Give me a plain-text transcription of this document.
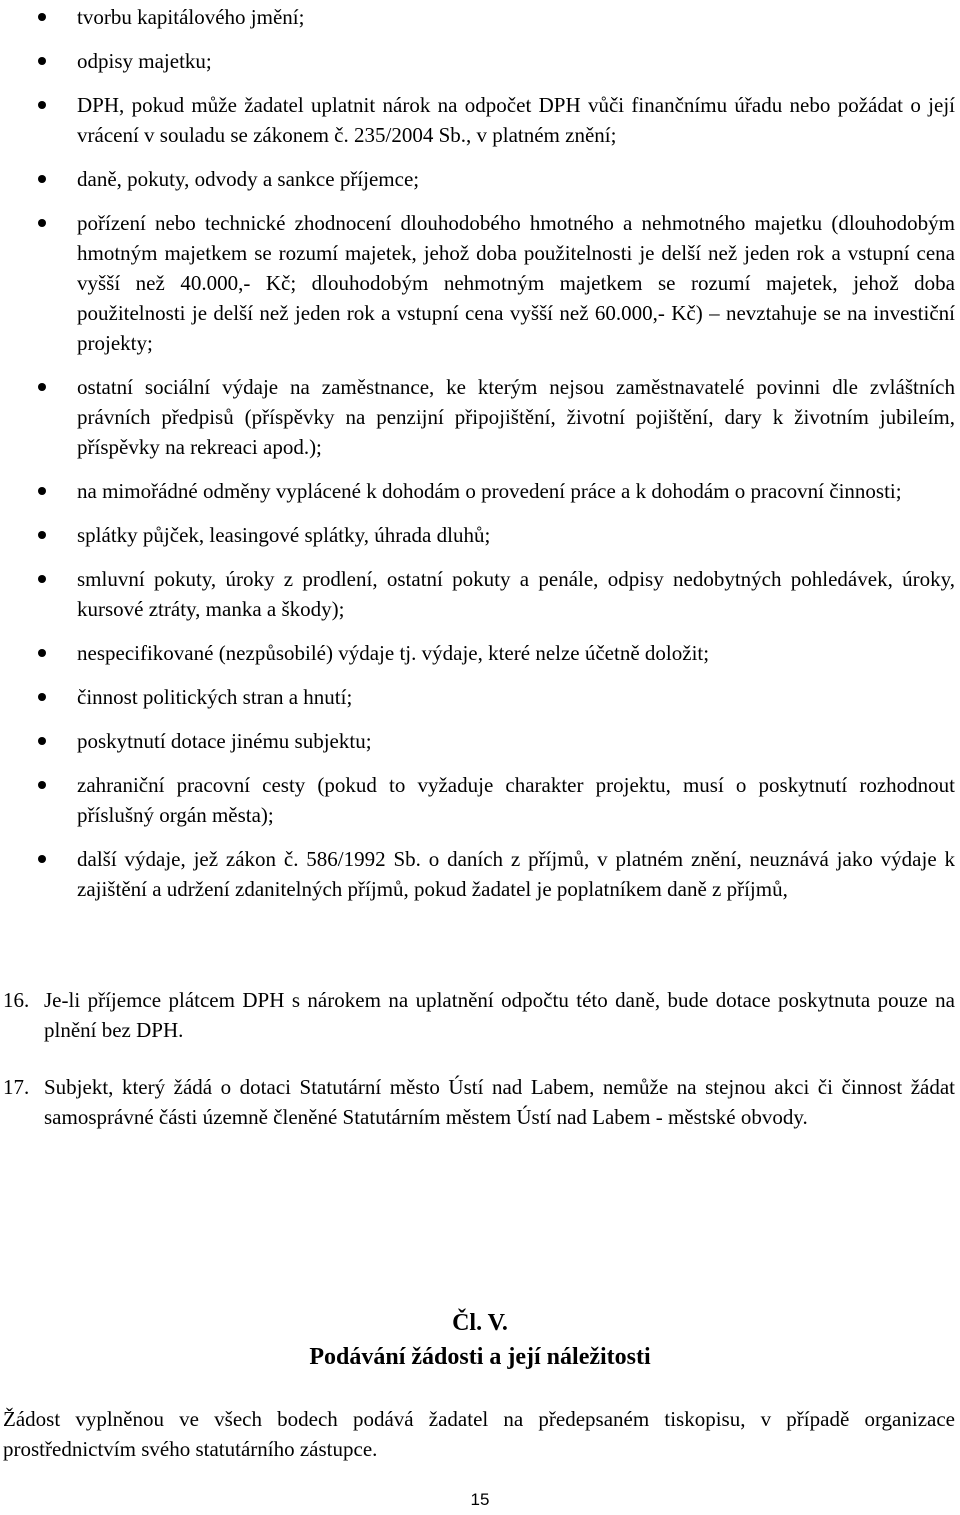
tvorbu kapitálového jmění;
odpisy majetku;
DPH, pokud může žadatel uplatnit nárok na odpočet DPH vůči finančnímu úřadu nebo požádat o její vrácení v souladu se zákonem č. 235/2004 Sb., v platném znění;
daně, pokuty, odvody a sankce příjemce;
pořízení nebo technické zhodnocení dlouhodobého hmotného a nehmotného majetku (dlouhodobým hmotným majetkem se rozumí majetek, jehož doba použitelnosti je delší než jeden rok a vstupní cena vyšší než 40.000,- Kč; dlouhodobým nehmotným majetkem se rozumí majetek, jehož doba použitelnosti je delší než jeden rok a vstupní cena vyšší než 60.000,- Kč) – nevztahuje se na investiční projekty;
ostatní sociální výdaje na zaměstnance, ke kterým nejsou zaměstnavatelé povinni dle zvláštních právních předpisů (příspěvky na penzijní připojištění, životní pojištění, dary k životním jubileím, příspěvky na rekreaci apod.);
na mimořádné odměny vyplácené k dohodám o provedení práce a k dohodám o pracovní činnosti;
splátky půjček, leasingové splátky, úhrada dluhů;
smluvní pokuty, úroky z prodlení, ostatní pokuty a penále, odpisy nedobytných pohledávek, úroky, kursové ztráty, manka a škody);
nespecifikované (nezpůsobilé) výdaje tj. výdaje, které nelze účetně doložit;
činnost politických stran a hnutí;
poskytnutí dotace jinému subjektu;
zahraniční pracovní cesty (pokud to vyžaduje charakter projektu, musí o poskytnutí rozhodnout příslušný orgán města);
další výdaje, jež zákon č. 586/1992 Sb. o daních z příjmů, v platném znění, neuznává jako výdaje k zajištění a udržení zdanitelných příjmů, pokud žadatel je poplatníkem daně z příjmů,
16. Je-li příjemce plátcem DPH s nárokem na uplatnění odpočtu této daně, bude dotace poskytnuta pouze na plnění bez DPH.
17. Subjekt, který žádá o dotaci Statutární město Ústí nad Labem, nemůže na stejnou akci či činnost žádat samosprávné části územně členěné Statutárním městem Ústí nad Labem - městské obvody.
Čl. V.
Podávání žádosti a její náležitosti
Žádost vyplněnou ve všech bodech podává žadatel na předepsaném tiskopisu, v případě organizace prostřednictvím svého statutárního zástupce.
15
